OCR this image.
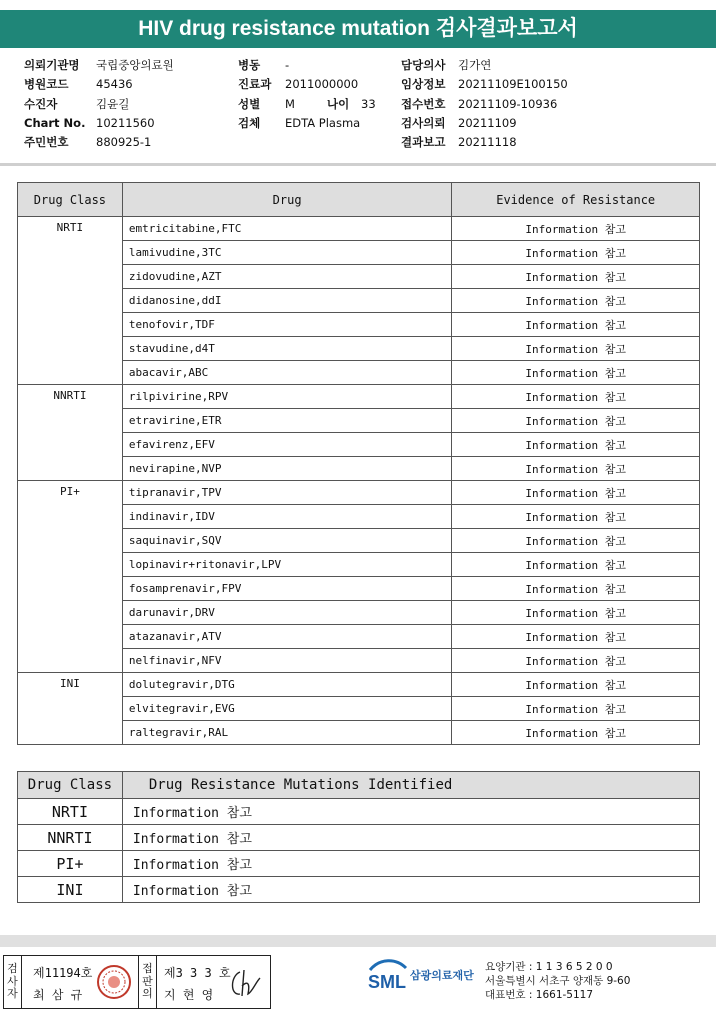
HIV drug resistance mutation 검사결과보고서
의뢰기관명	국립중앙의료원
병원코드	45436
수진자	김윤길
Chart No. 10211560
주민번호	880925-1
병동	-
진료과	2011000000
성별	M	나이	33
검체	EDTA Plasma
담당의사	김가연
임상정보	20211109E100150
접수번호	20211109-10936
검사의뢰	20211109
결과보고	20211118
Drug Class	Drug	Evidence of Resistance
NRTI	emtricitabine,FTC	Information 참고
	lamivudine,3TC	Information 참고
	zidovudine,AZT	Information 참고
	didanosine,ddI	Information 참고
	tenofovir,TDF	Information 참고
	stavudine,d4T	Information 참고
	abacavir,ABC	Information 참고
NNRTI	rilpivirine,RPV	Information 참고
	etravirine,ETR	Information 참고
	efavirenz,EFV	Information 참고
	nevirapine,NVP	Information 참고
PI+	tipranavir,TPV	Information 참고
	indinavir,IDV	Information 참고
	saquinavir,SQV	Information 참고
	lopinavir+ritonavir,LPV	Information 참고
	fosamprenavir,FPV	Information 참고
	darunavir,DRV	Information 참고
	atazanavir,ATV	Information 참고
	nelfinavir,NFV	Information 참고
INI	dolutegravir,DTG	Information 참고
	elvitegravir,EVG	Information 참고
	raltegravir,RAL	Information 참고
Drug Class	Drug Resistance Mutations Identified
NRTI	Information 참고
NNRTI	Information 참고
PI+	Information 참고
INI	Information 참고
검
사
자
제11194호
최 삼 규
접
판
의
제3 3 3 호
지 현 영
SML 삼광의료재단
요양기관 : 1 1 3 6 5 2 0 0
서울특별시 서초구 양재동 9-60
대표번호 : 1661-5117
